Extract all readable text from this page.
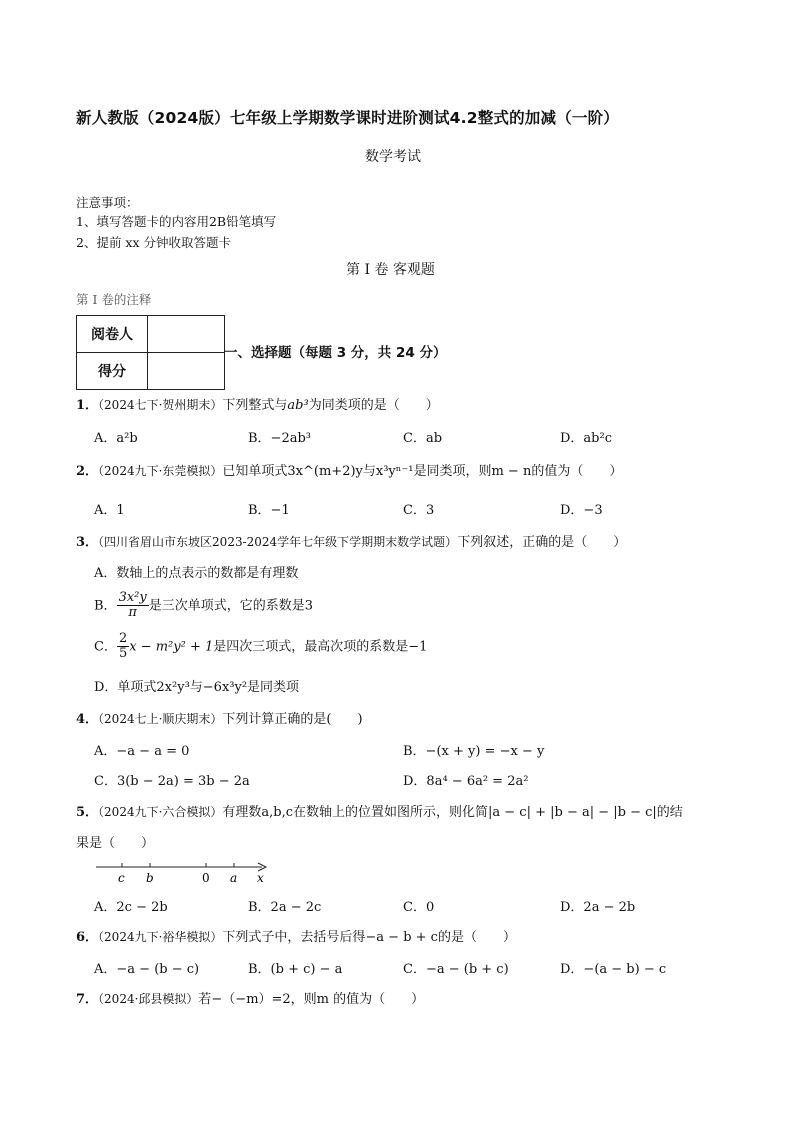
新人教版（2024版）七年级上学期数学课时进阶测试4.2整式的加减（一阶）
数学考试
注意事项：
1、填写答题卡的内容用2B铅笔填写
2、提前 xx 分钟收取答题卡
第 I 卷 客观题
第 I 卷的注释
阅卷人	
得分	
一、选择题（每题 3 分，共 24 分）
1．（2024七下·贺州期末）下列整式与ab³为同类项的是（　　）
A．a²b	B．−2ab³	C．ab	D．ab²c
2．（2024九下·东莞模拟）已知单项式3x^(m+2)y与x³yⁿ⁻¹是同类项，则m − n的值为（　　）
A．1	B．−1	C．3	D．−3
3．（四川省眉山市东坡区2023-2024学年七年级下学期期末数学试题）下列叙述，正确的是（　　）
A．数轴上的点表示的数都是有理数
B． $\frac{\text{3x²y}}{\pi}$ 是三次单项式，它的系数是3
C． $\frac{2}{5}$ x − m²y² + 1是四次三项式，最高次项的系数是−1
D．单项式2x²y³与−6x³y²是同类项
4．（2024七上·顺庆期末）下列计算正确的是(　　)
A．−a − a = 0	B．−(x + y) = −x − y
C．3(b − 2a) = 3b − 2a	D．8a⁴ − 6a² = 2a²
5．（2024九下·六合模拟）有理数a,b,c在数轴上的位置如图所示，则化简|a − c| + |b − a| − |b − c|的结
果是（　　）
c b	0 a x
A．2c − 2b	B．2a − 2c	C．0	D．2a − 2b
6．（2024九下·裕华模拟）下列式子中，去括号后得−a − b + c的是（　　）
A．−a − (b − c)	B．(b + c) − a	C．−a − (b + c)	D．−(a − b) − c
7．（2024·邱县模拟）若−（−m）=2，则m 的值为（　　）
